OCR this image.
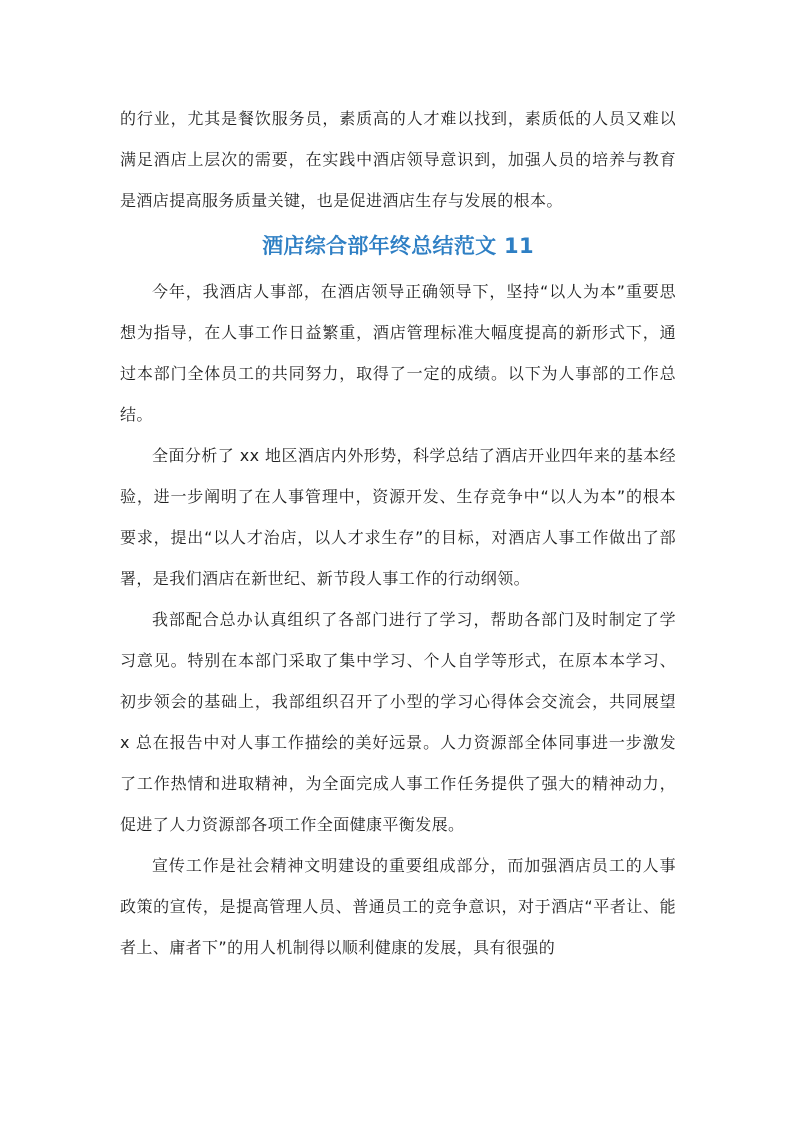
的行业，尤其是餐饮服务员，素质高的人才难以找到，素质低的人员又难以满足酒店上层次的需要，在实践中酒店领导意识到，加强人员的培养与教育是酒店提高服务质量关键，也是促进酒店生存与发展的根本。

酒店综合部年终总结范文 11

今年，我酒店人事部，在酒店领导正确领导下，坚持“以人为本”重要思想为指导，在人事工作日益繁重，酒店管理标准大幅度提高的新形式下，通过本部门全体员工的共同努力，取得了一定的成绩。以下为人事部的工作总结。

全面分析了 xx 地区酒店内外形势，科学总结了酒店开业四年来的基本经验，进一步阐明了在人事管理中，资源开发、生存竞争中“以人为本”的根本要求，提出“以人才治店，以人才求生存”的目标，对酒店人事工作做出了部署，是我们酒店在新世纪、新节段人事工作的行动纲领。

我部配合总办认真组织了各部门进行了学习，帮助各部门及时制定了学习意见。特别在本部门采取了集中学习、个人自学等形式，在原本本学习、初步领会的基础上，我部组织召开了小型的学习心得体会交流会，共同展望 x 总在报告中对人事工作描绘的美好远景。人力资源部全体同事进一步激发了工作热情和进取精神，为全面完成人事工作任务提供了强大的精神动力，促进了人力资源部各项工作全面健康平衡发展。

宣传工作是社会精神文明建设的重要组成部分，而加强酒店员工的人事政策的宣传，是提高管理人员、普通员工的竞争意识，对于酒店“平者让、能者上、庸者下”的用人机制得以顺利健康的发展，具有很强的
